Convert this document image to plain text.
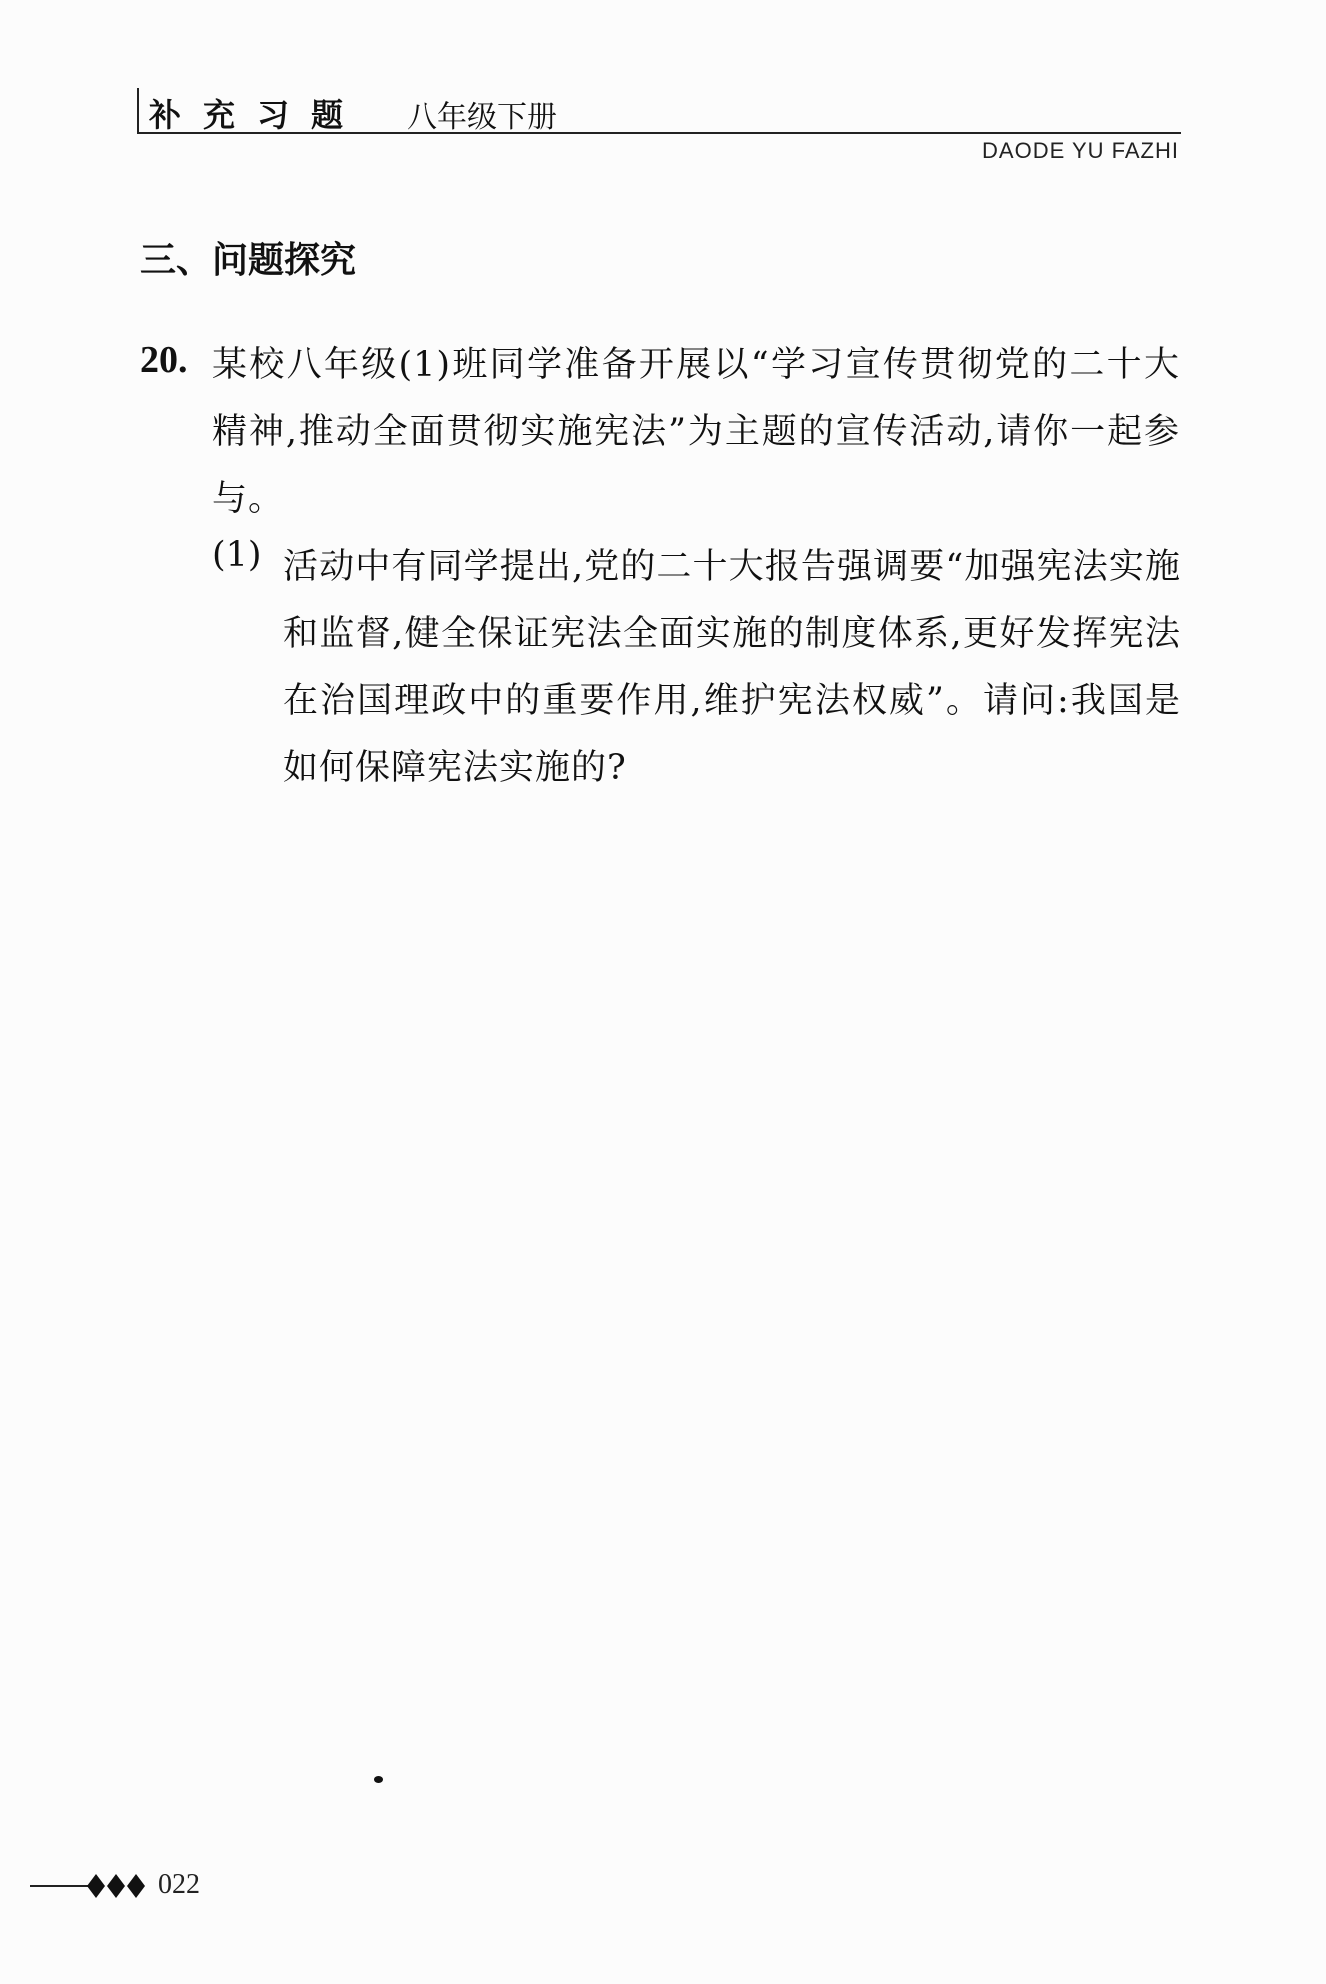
补充习题 八年级下册
DAODE YU FAZHI
三、问题探究
20. 某校八年级(1)班同学准备开展以“学习宣传贯彻党的二十大精神,推动全面贯彻实施宪法”为主题的宣传活动,请你一起参与。
(1) 活动中有同学提出,党的二十大报告强调要“加强宪法实施和监督,健全保证宪法全面实施的制度体系,更好发挥宪法在治国理政中的重要作用,维护宪法权威”。请问:我国是如何保障宪法实施的?
022
